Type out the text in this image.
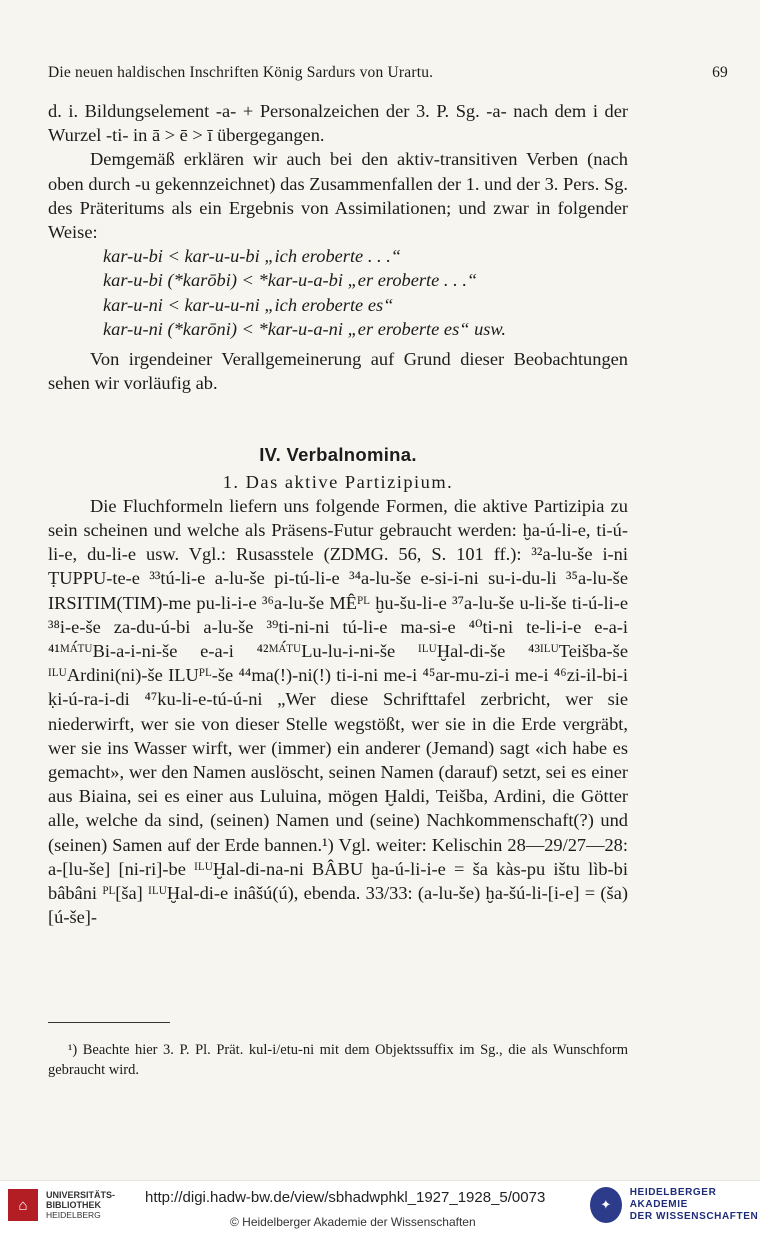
Die neuen haldischen Inschriften König Sardurs von Urartu.	69

d. i. Bildungselement -a- + Personalzeichen der 3. P. Sg. -a- nach dem i der Wurzel -ti- in ā > ē > ī übergegangen.

Demgemäß erklären wir auch bei den aktiv-transitiven Verben (nach oben durch -u gekennzeichnet) das Zusammenfallen der 1. und der 3. Pers. Sg. des Präteritums als ein Ergebnis von Assimilationen; und zwar in folgender Weise:

kar-u-bi < kar-u-u-bi „ich eroberte . . .“
kar-u-bi (*karōbi) < *kar-u-a-bi „er eroberte . . .“
kar-u-ni < kar-u-u-ni „ich eroberte es“
kar-u-ni (*karōni) < *kar-u-a-ni „er eroberte es“ usw.

Von irgendeiner Verallgemeinerung auf Grund dieser Beobachtungen sehen wir vorläufig ab.

IV. Verbalnomina.
1. Das aktive Partizipium.

Die Fluchformeln liefern uns folgende Formen, die aktive Partizipia zu sein scheinen und welche als Präsens-Futur gebraucht werden: ḫa-ú-li-e, ti-ú-li-e, du-li-e usw. Vgl.: Rusasstele (ZDMG. 56, S. 101 ff.): ³²a-lu-še i-ni ṬUPPU-te-e ³³tú-li-e a-lu-še pi-tú-li-e ³⁴a-lu-še e-si-i-ni su-i-du-li ³⁵a-lu-še IRSITIM(TIM)-me pu-li-i-e ³⁶a-lu-še MÊᴾᴸ ḫu-šu-li-e ³⁷a-lu-še u-li-še ti-ú-li-e ³⁸i-e-še za-du-ú-bi a-lu-še ³⁹ti-ni-ni tú-li-e ma-si-e ⁴⁰ti-ni te-li-i-e e-a-i ⁴¹ᴹᴬ́ᵀᵁBi-a-i-ni-še e-a-i ⁴²ᴹᴬ́ᵀᵁLu-lu-i-ni-še ᴵᴸᵁḪal-di-še ⁴³ᴵᴸᵁTeišba-še ᴵᴸᵁArdini(ni)-še ILUᴾᴸ-še ⁴⁴ma(!)-ni(!) ti-i-ni me-i ⁴⁵ar-mu-zi-i me-i ⁴⁶zi-il-bi-i ḳi-ú-ra-i-di ⁴⁷ku-li-e-tú-ú-ni „Wer diese Schrifttafel zerbricht, wer sie niederwirft, wer sie von dieser Stelle wegstößt, wer sie in die Erde vergräbt, wer sie ins Wasser wirft, wer (immer) ein anderer (Jemand) sagt «ich habe es gemacht», wer den Namen auslöscht, seinen Namen (darauf) setzt, sei es einer aus Biaina, sei es einer aus Luluina, mögen Ḫaldi, Teišba, Ardini, die Götter alle, welche da sind, (seinen) Namen und (seine) Nachkommenschaft(?) und (seinen) Samen auf der Erde bannen.¹) Vgl. weiter: Kelischin 28—29/27—28: a-[lu-še] [ni-ri]-be ᴵᴸᵁḪal-di-na-ni BÂBU ḫa-ú-li-i-e = ša kàs-pu ištu lìb-bi bâbâni ᴾᴸ[ša] ᴵᴸᵁḪal-di-e inâšú(ú), ebenda. 33/33: (a-lu-še) ḫa-šú-li-[i-e] = (ša) [ú-še]-

¹) Beachte hier 3. P. Pl. Prät. kul-i/etu-ni mit dem Objektssuffix im Sg., die als Wunschform gebraucht wird.

⌂
UNIVERSITÄTS-
BIBLIOTHEK
HEIDELBERG
http://digi.hadw-bw.de/view/sbhadwphkl_1927_1928_5/0073
© Heidelberger Akademie der Wissenschaften
✦
HEIDELBERGER AKADEMIE
DER WISSENSCHAFTEN
